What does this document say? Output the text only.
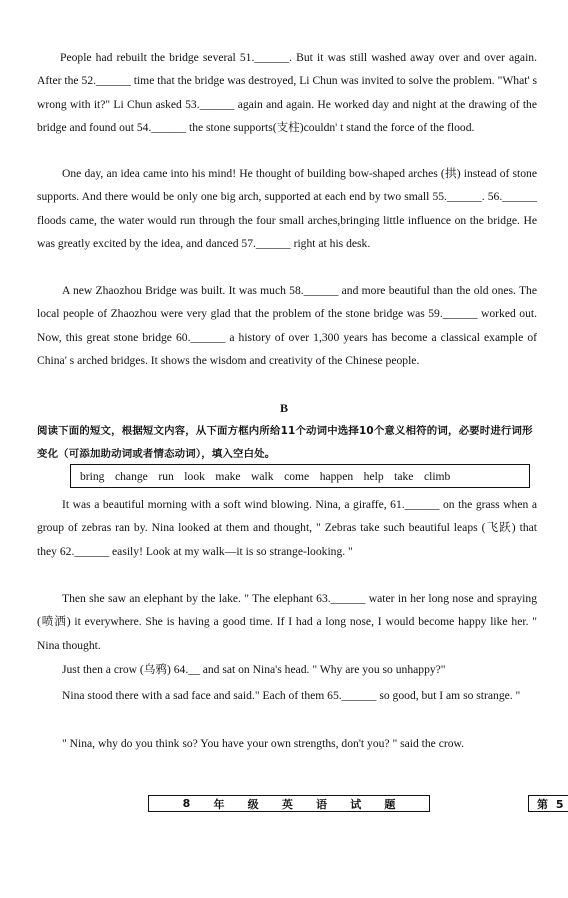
People had rebuilt the bridge several 51.______. But it was still washed away over and over again. After the 52.______ time that the bridge was destroyed, Li Chun was invited to solve the problem. "What' s wrong with it?" Li Chun asked 53.______ again and again. He worked day and night at the drawing of the bridge and found out 54.______ the stone supports(支柱)couldn' t stand the force of the flood.

One day, an idea came into his mind! He thought of building bow-shaped arches (拱) instead of stone supports. And there would be only one big arch, supported at each end by two small 55.______. 56.______ floods came, the water would run through the four small arches,bringing little influence on the bridge. He was greatly excited by the idea, and danced 57.______ right at his desk.

A new Zhaozhou Bridge was built. It was much 58.______ and more beautiful than the old ones. The local people of Zhaozhou were very glad that the problem of the stone bridge was 59.______ worked out. Now, this great stone bridge 60.______ a history of over 1,300 years has become a classical example of China' s arched bridges. It shows the wisdom and creativity of the Chinese people.

B

阅读下面的短文，根据短文内容，从下面方框内所给11个动词中选择10个意义相符的词，必要时进行词形变化（可添加助动词或者情态动词），填入空白处。

bring change run look make walk come happen help take climb

It was a beautiful morning with a soft wind blowing. Nina, a giraffe, 61.______ on the grass when a group of zebras ran by. Nina looked at them and thought, " Zebras take such beautiful leaps (飞跃) that they 62.______ easily! Look at my walk—it is so strange-looking. "

Then she saw an elephant by the lake. " The elephant 63.______ water in her long nose and spraying (喷洒) it everywhere. She is having a good time. If I had a long nose, I would become happy like her. " Nina thought.

Just then a crow (乌鸦) 64.__ and sat on Nina's head. " Why are you so unhappy?"

Nina stood there with a sad face and said." Each of them 65.______ so good, but I am so strange. "

" Nina, why do you think so? You have your own strengths, don't you? " said the crow.

8 年 级 英 语 试 题	第 5
